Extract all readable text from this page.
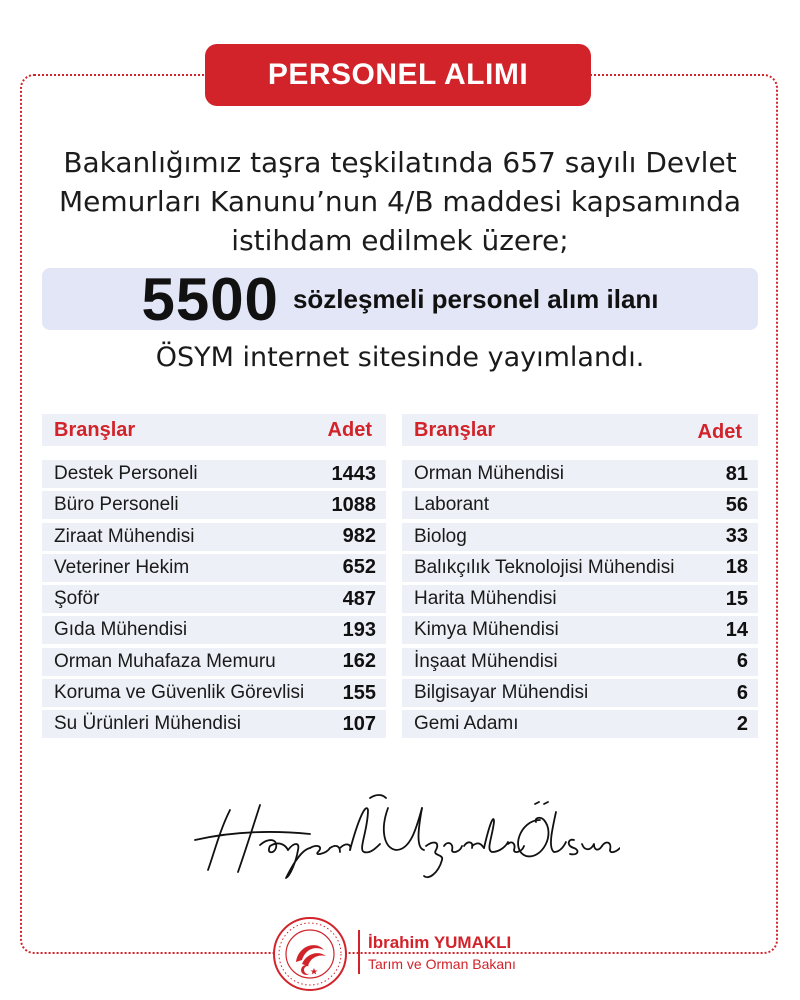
PERSONEL ALIMI
Bakanlığımız taşra teşkilatında 657 sayılı Devlet
Memurları Kanunu’nun 4/B maddesi kapsamında
istihdam edilmek üzere;
5500 sözleşmeli personel alım ilanı
ÖSYM internet sitesinde yayımlandı.
Branşlar	Adet
Destek Personeli	1443
Büro Personeli	1088
Ziraat Mühendisi	982
Veteriner Hekim	652
Şoför	487
Gıda Mühendisi	193
Orman Muhafaza Memuru	162
Koruma ve Güvenlik Görevlisi 155
Su Ürünleri Mühendisi	107
Branşlar	Adet
Orman Mühendisi	81
Laborant	56
Biolog	33
Balıkçılık Teknolojisi Mühendisi	18
Harita Mühendisi	15
Kimya Mühendisi	14
İnşaat Mühendisi	6
Bilgisayar Mühendisi	6
Gemi Adamı	2
İbrahim YUMAKLI
Tarım ve Orman Bakanı
